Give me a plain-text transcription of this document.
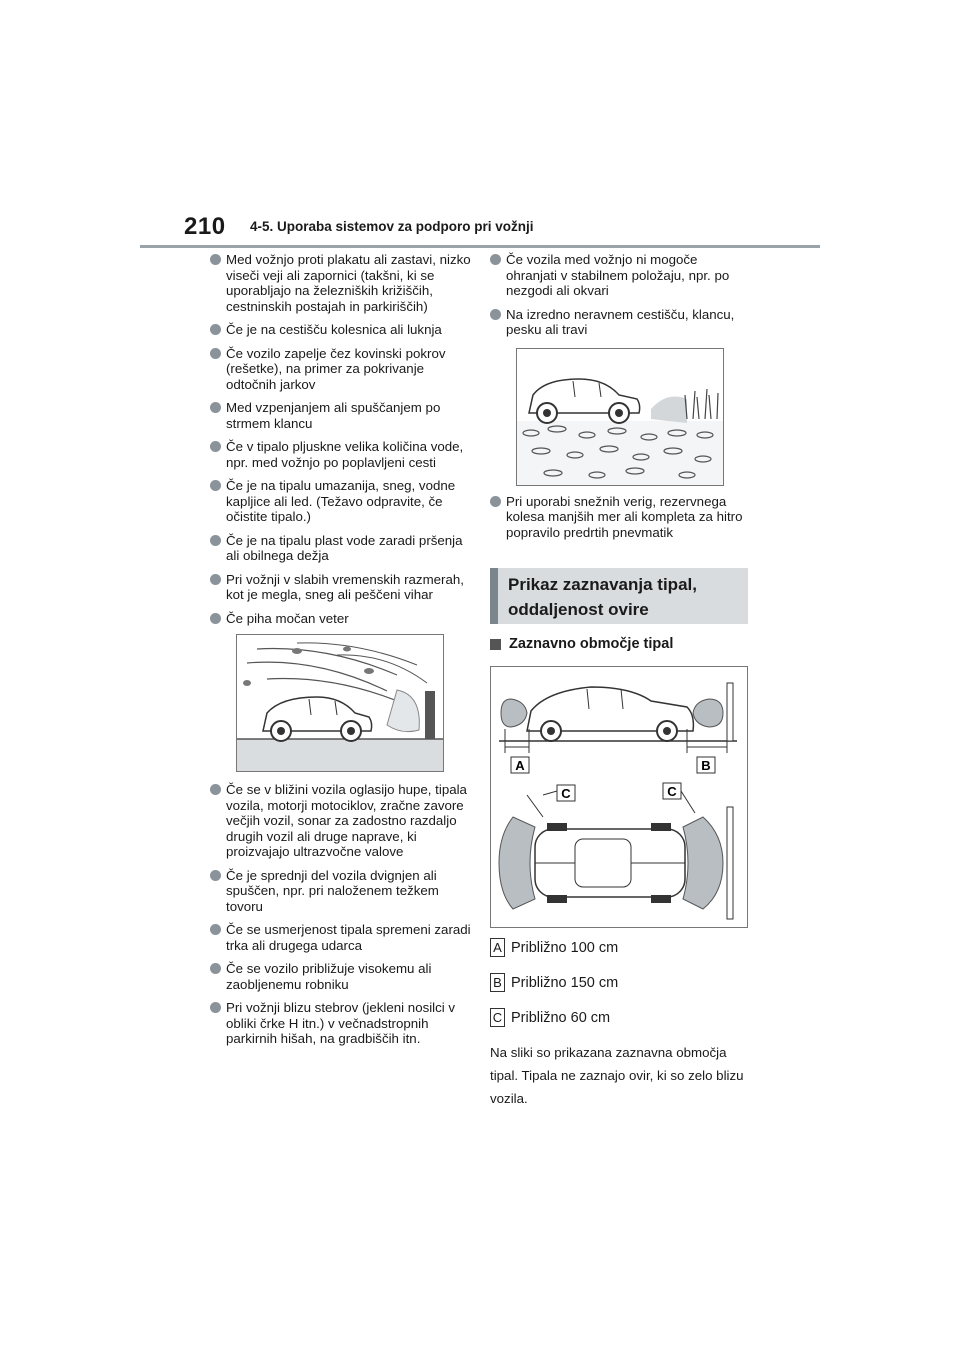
210 4-5. Uporaba sistemov za podporo pri vožnji
Med vožnjo proti plakatu ali zastavi, nizko viseči veji ali zapornici (takšni, ki se uporabljajo na železniških križiščih, cestninskih postajah in parkiriščih)
Če je na cestišču kolesnica ali luknja
Če vozilo zapelje čez kovinski pokrov (rešetke), na primer za pokrivanje odtočnih jarkov
Med vzpenjanjem ali spuščanjem po strmem klancu
Če v tipalo pljuskne velika količina vode, npr. med vožnjo po poplavljeni cesti
Če je na tipalu umazanija, sneg, vodne kapljice ali led. (Težavo odpravite, če očistite tipalo.)
Če je na tipalu plast vode zaradi pršenja ali obilnega dežja
Pri vožnji v slabih vremenskih razmerah, kot je megla, sneg ali peščeni vihar
Če piha močan veter
Če se v bližini vozila oglasijo hupe, tipala vozila, motorji motociklov, zračne zavore večjih vozil, sonar za zadostno razdaljo drugih vozil ali druge naprave, ki proizvajajo ultrazvočne valove
Če je sprednji del vozila dvignjen ali spuščen, npr. pri naloženem težkem tovoru
Če se usmerjenost tipala spremeni zaradi trka ali drugega udarca
Če se vozilo približuje visokemu ali zaobljenemu robniku
Pri vožnji blizu stebrov (jekleni nosilci v obliki črke H itn.) v večnadstropnih parkirnih hišah, na gradbiščih itn.
Če vozila med vožnjo ni mogoče ohranjati v stabilnem položaju, npr. po nezgodi ali okvari
Na izredno neravnem cestišču, klancu, pesku ali travi
Pri uporabi snežnih verig, rezervnega kolesa manjših mer ali kompleta za hitro popravilo predrtih pnevmatik
Prikaz zaznavanja tipal, oddaljenost ovire
Zaznavno območje tipal
A	B
C	C
A Približno 100 cm
B Približno 150 cm
C Približno 60 cm
Na sliki so prikazana zaznavna območja tipal. Tipala ne zaznajo ovir, ki so zelo blizu vozila.
